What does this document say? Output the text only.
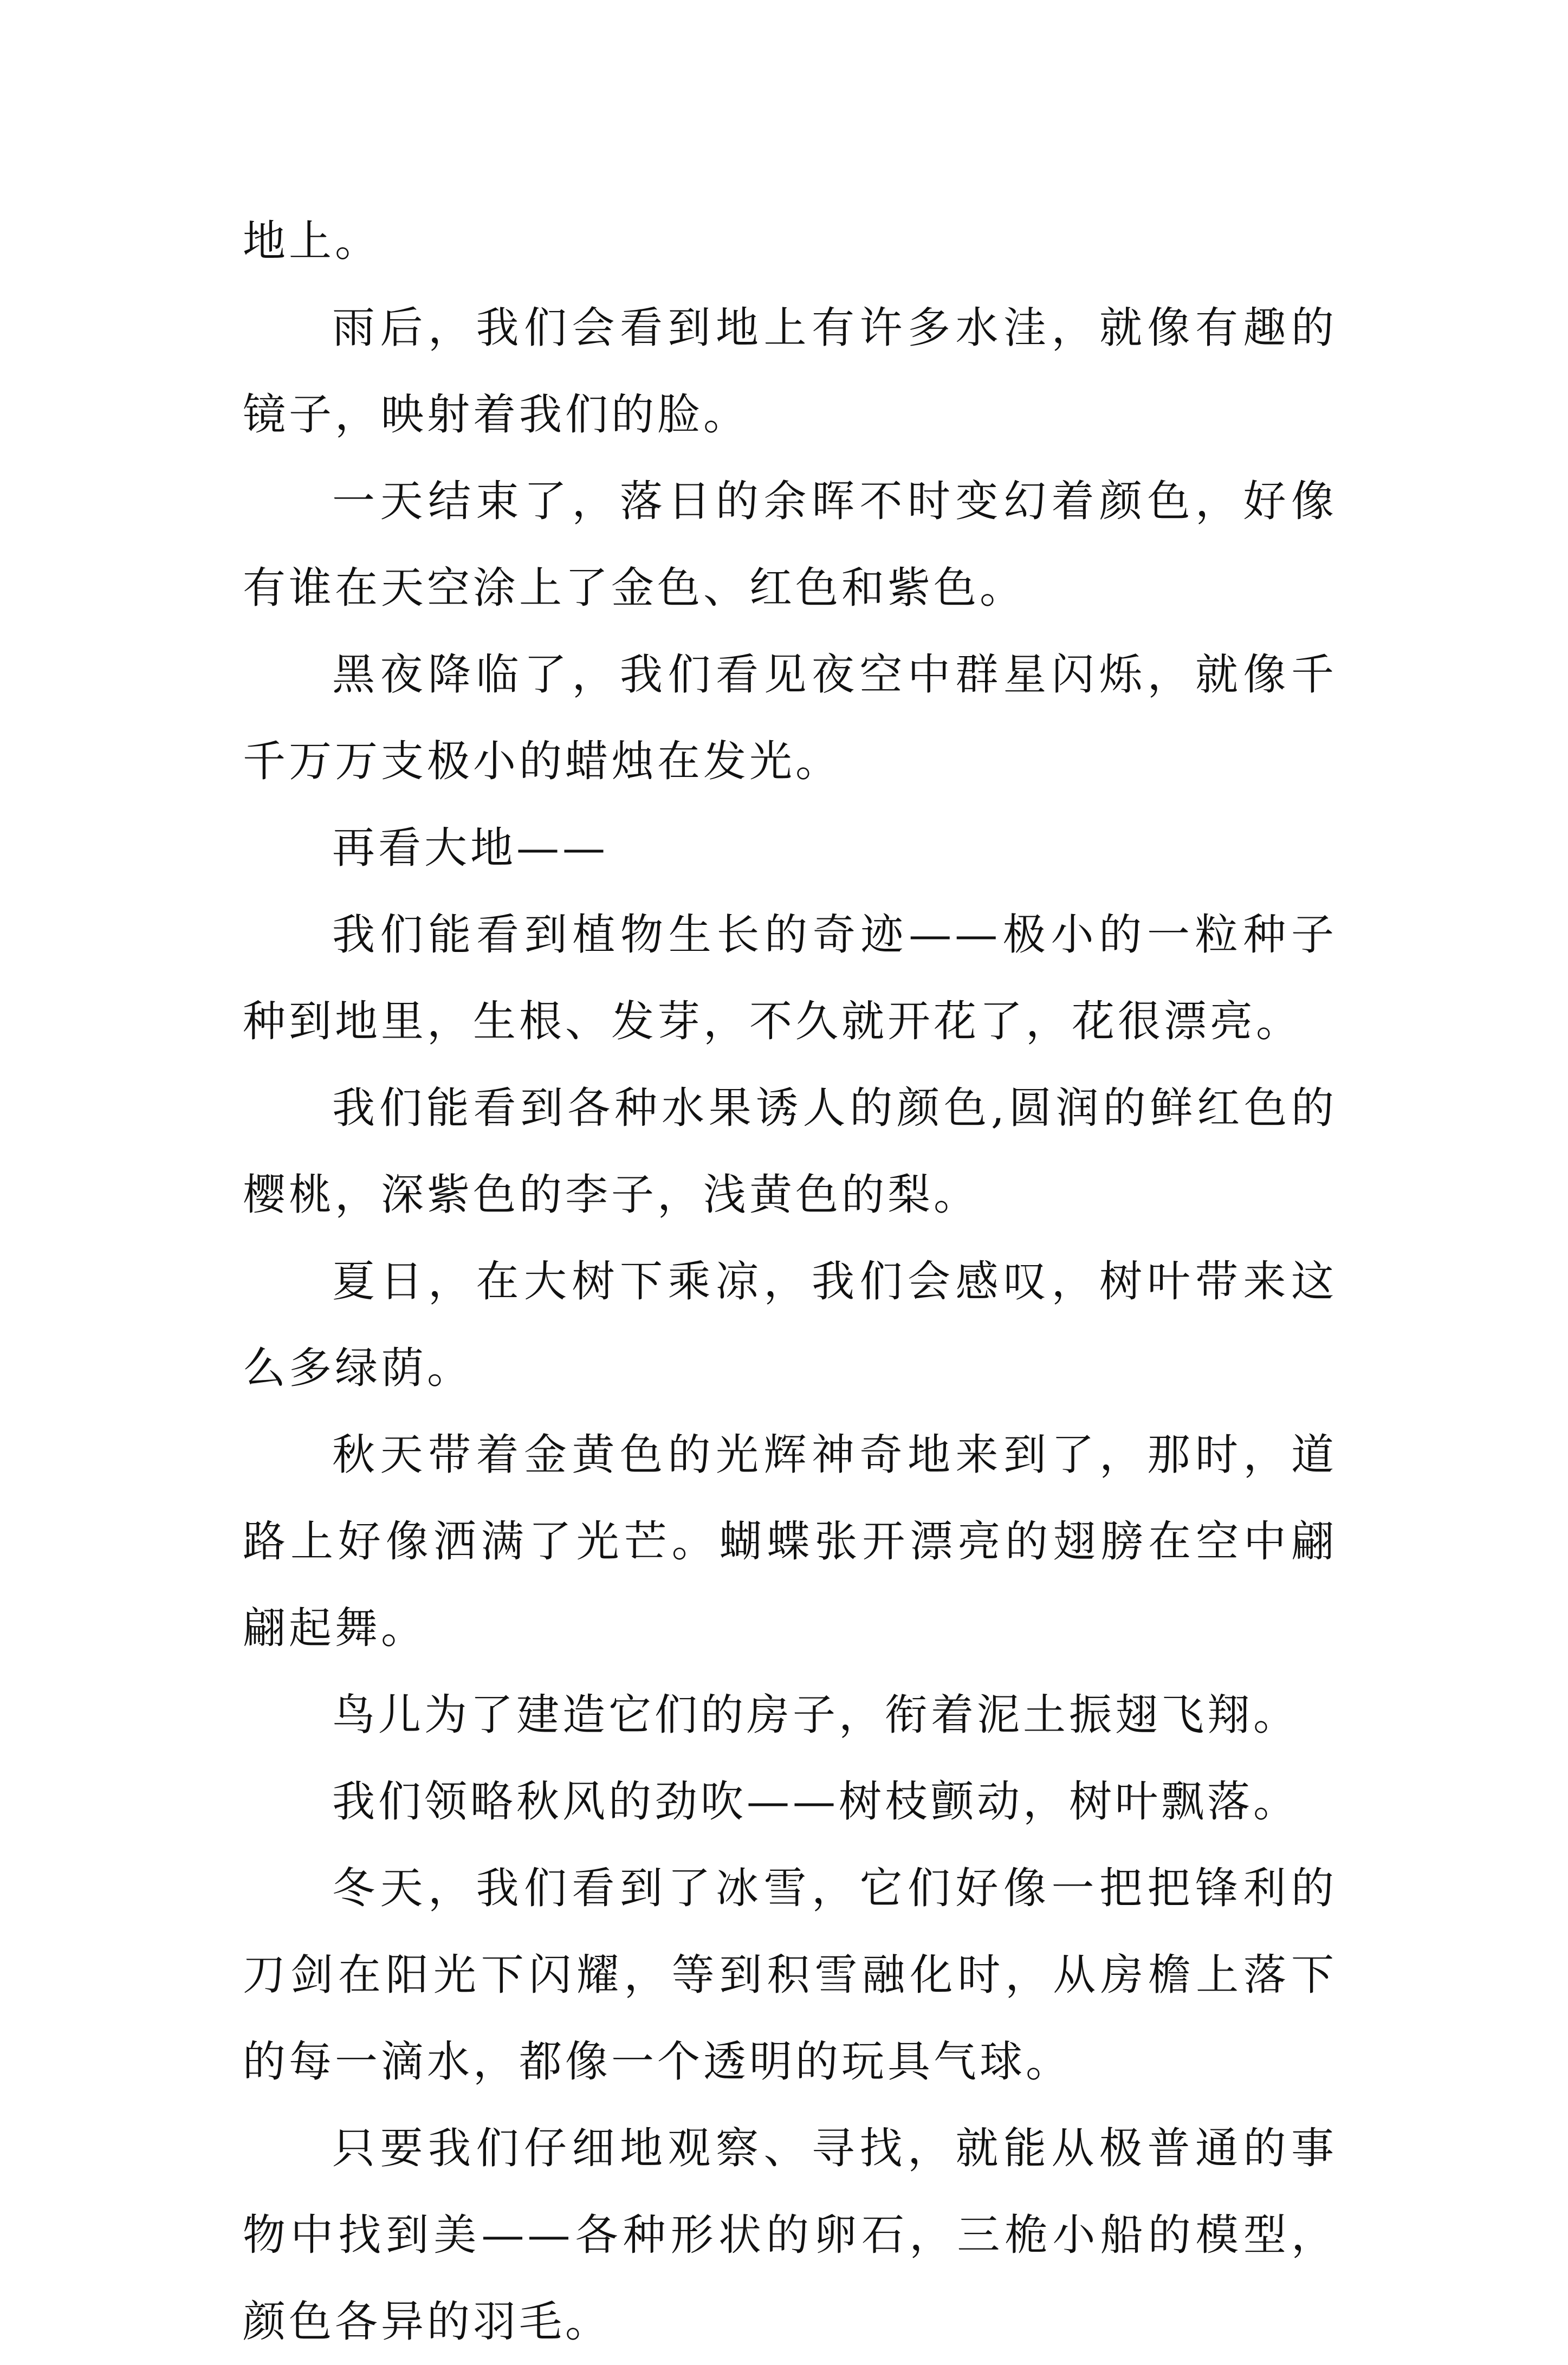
地上。

雨后，我们会看到地上有许多水洼，就像有趣的镜子，映射着我们的脸。

一天结束了，落日的余晖不时变幻着颜色，好像有谁在天空涂上了金色、红色和紫色。

黑夜降临了，我们看见夜空中群星闪烁，就像千千万万支极小的蜡烛在发光。

再看大地——

我们能看到植物生长的奇迹——极小的一粒种子种到地里，生根、发芽，不久就开花了，花很漂亮。

我们能看到各种水果诱人的颜色,圆润的鲜红色的樱桃，深紫色的李子，浅黄色的梨。

夏日，在大树下乘凉，我们会感叹，树叶带来这么多绿荫。

秋天带着金黄色的光辉神奇地来到了，那时，道路上好像洒满了光芒。蝴蝶张开漂亮的翅膀在空中翩翩起舞。

鸟儿为了建造它们的房子，衔着泥土振翅飞翔。

我们领略秋风的劲吹——树枝颤动，树叶飘落。

冬天，我们看到了冰雪，它们好像一把把锋利的刀剑在阳光下闪耀，等到积雪融化时，从房檐上落下的每一滴水，都像一个透明的玩具气球。

只要我们仔细地观察、寻找，就能从极普通的事物中找到美——各种形状的卵石，三桅小船的模型，颜色各异的羽毛。
